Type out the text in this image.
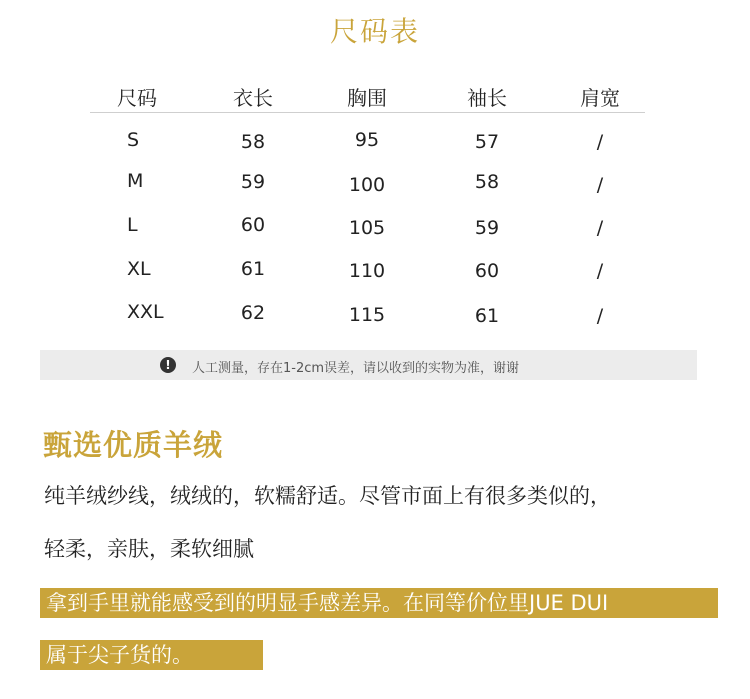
尺码表
尺码	衣长	胸围	袖长	肩宽
S	58	95	57	/
M	59	100	58	/
L	60	105	59	/
XL	61	110	60	/
XXL	62	115	61	/
!	人工测量，存在1-2cm误差，请以收到的实物为准，谢谢
甄选优质羊绒
纯羊绒纱线，绒绒的，软糯舒适。尽管市面上有很多类似的，
轻柔，亲肤，柔软细腻
拿到手里就能感受到的明显手感差异。在同等价位里JUE DUI
属于尖子货的。
